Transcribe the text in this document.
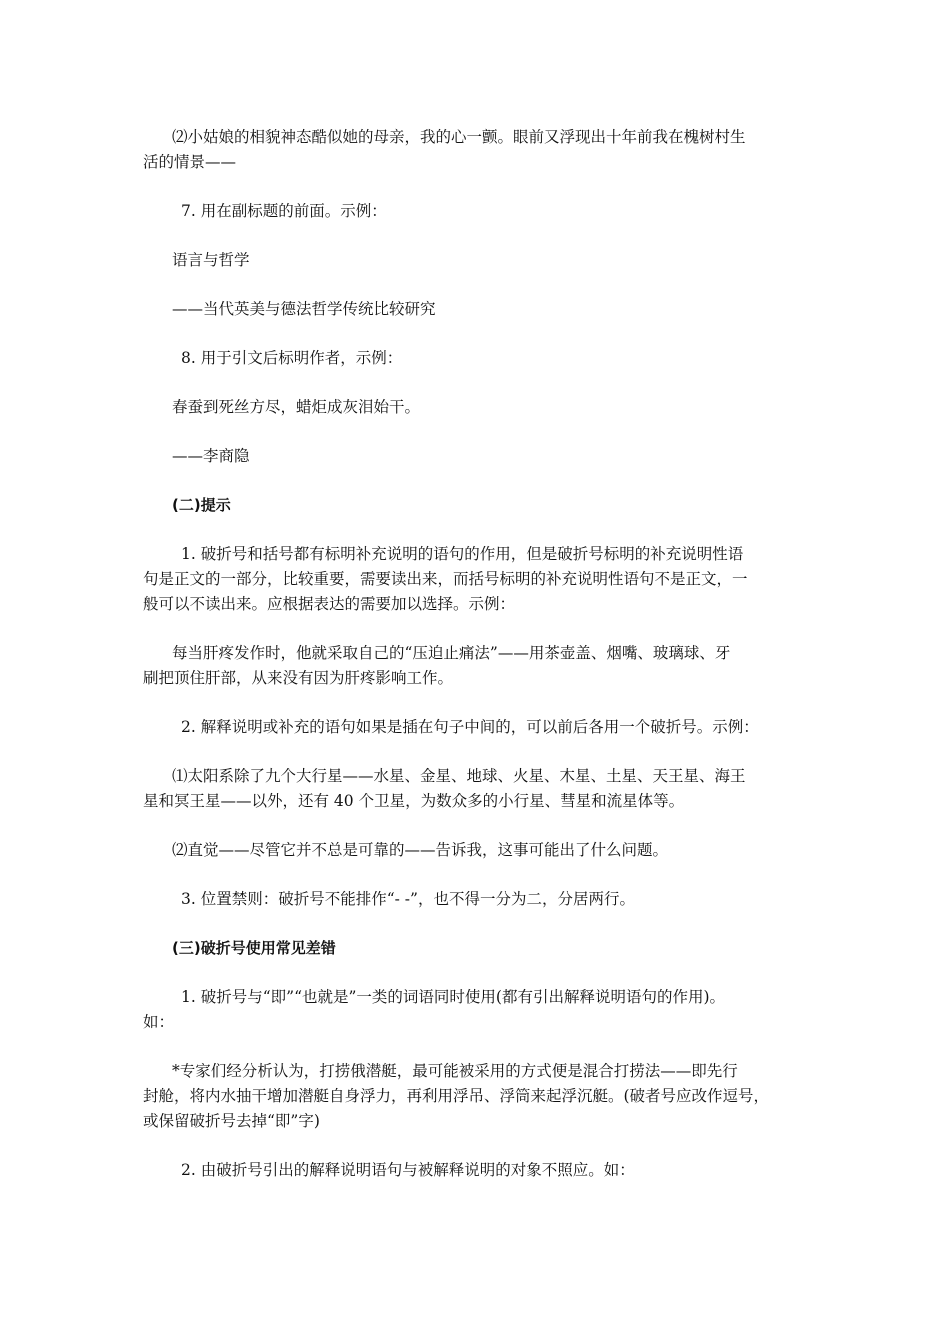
⑵小姑娘的相貌神态酷似她的母亲，我的心一颤。眼前又浮现出十年前我在槐树村生

活的情景——

7. 用在副标题的前面。示例：

语言与哲学

——当代英美与德法哲学传统比较研究

8. 用于引文后标明作者，示例：

春蚕到死丝方尽，蜡炬成灰泪始干。

——李商隐

(二)提示

1. 破折号和括号都有标明补充说明的语句的作用，但是破折号标明的补充说明性语

句是正文的一部分，比较重要，需要读出来，而括号标明的补充说明性语句不是正文，一

般可以不读出来。应根据表达的需要加以选择。示例：

每当肝疼发作时，他就采取自己的“压迫止痛法”——用茶壶盖、烟嘴、玻璃球、牙

刷把顶住肝部，从来没有因为肝疼影响工作。

2. 解释说明或补充的语句如果是插在句子中间的，可以前后各用一个破折号。示例：

⑴太阳系除了九个大行星——水星、金星、地球、火星、木星、土星、天王星、海王

星和冥王星——以外，还有 40 个卫星，为数众多的小行星、彗星和流星体等。

⑵直觉——尽管它并不总是可靠的——告诉我，这事可能出了什么问题。

3. 位置禁则：破折号不能排作“- -”，也不得一分为二，分居两行。

(三)破折号使用常见差错

1. 破折号与“即”“也就是”一类的词语同时使用(都有引出解释说明语句的作用)。

如：

*专家们经分析认为，打捞俄潜艇，最可能被采用的方式便是混合打捞法——即先行

封舱，将内水抽干增加潜艇自身浮力，再利用浮吊、浮筒来起浮沉艇。(破者号应改作逗号，

或保留破折号去掉“即”字)

2. 由破折号引出的解释说明语句与被解释说明的对象不照应。如：
